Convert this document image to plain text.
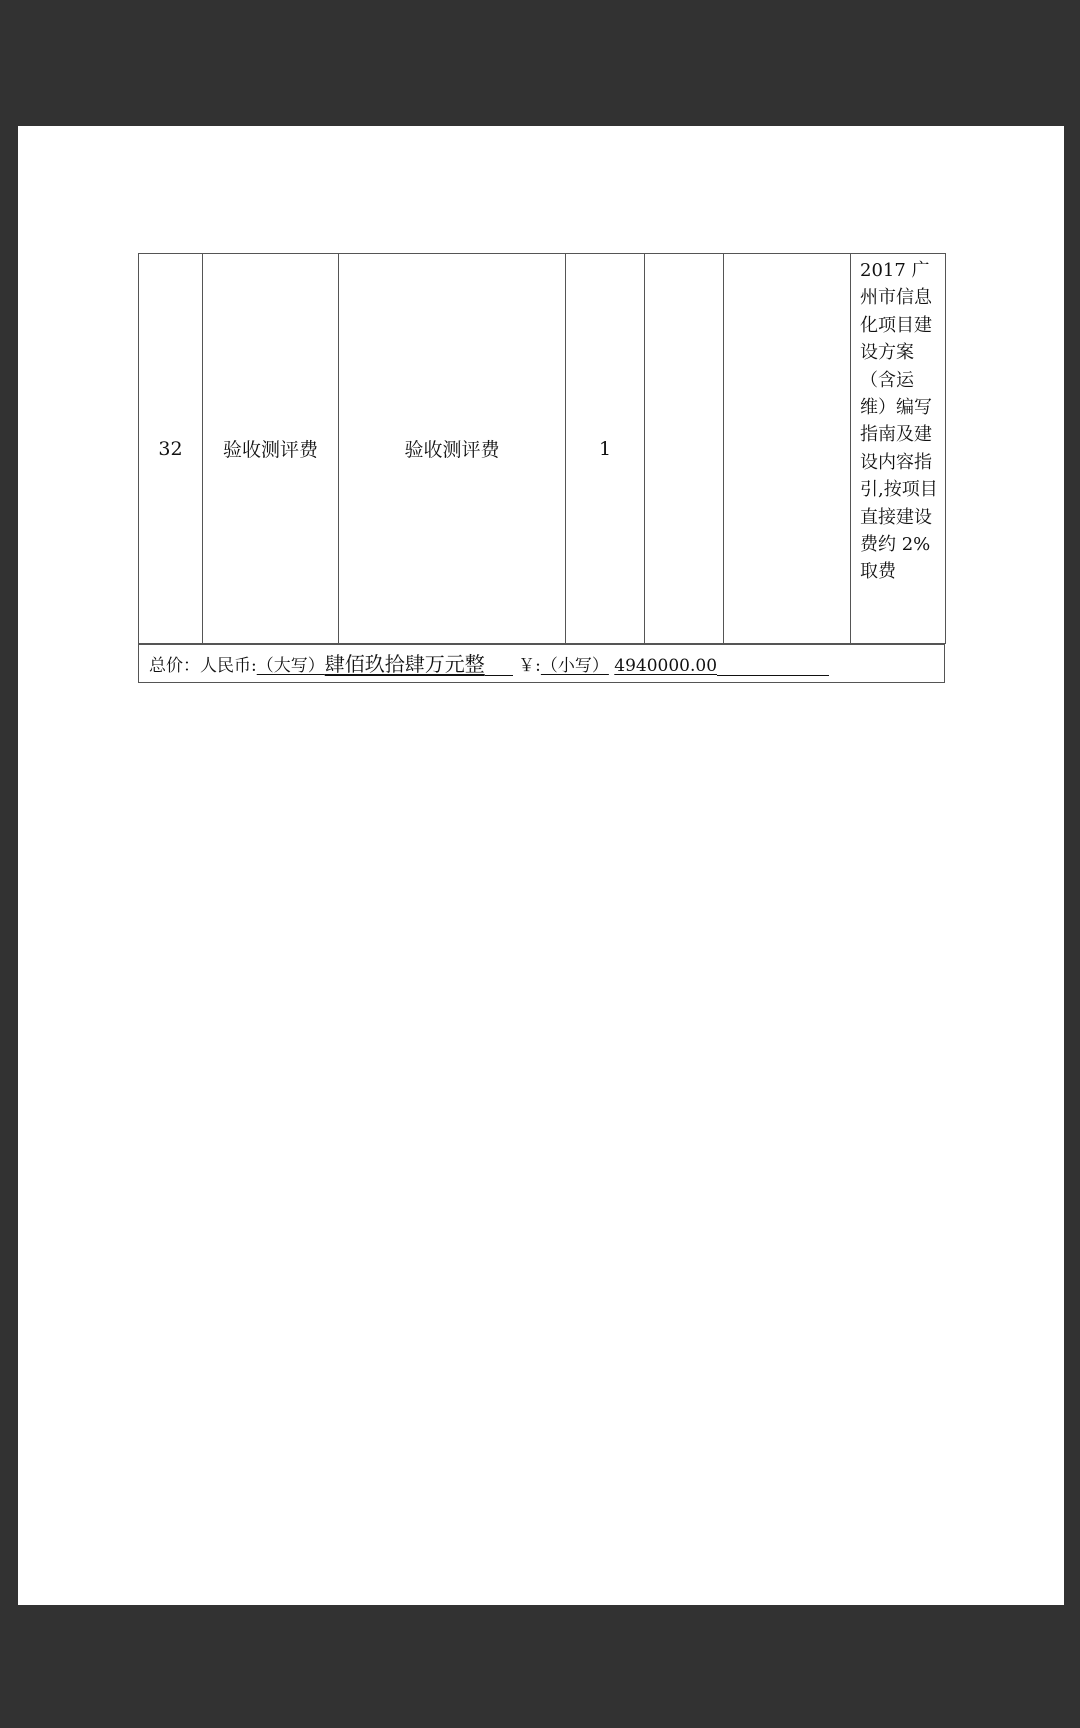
32	验收测评费	验收测评费	1			2017 广州市信息化项目建设方案（含运维）编写指南及建设内容指引,按项目直接建设费约 2%取费
总价：人民币:（大写）肆佰玖拾肆万元整 ￥:（小写） 4940000.00
